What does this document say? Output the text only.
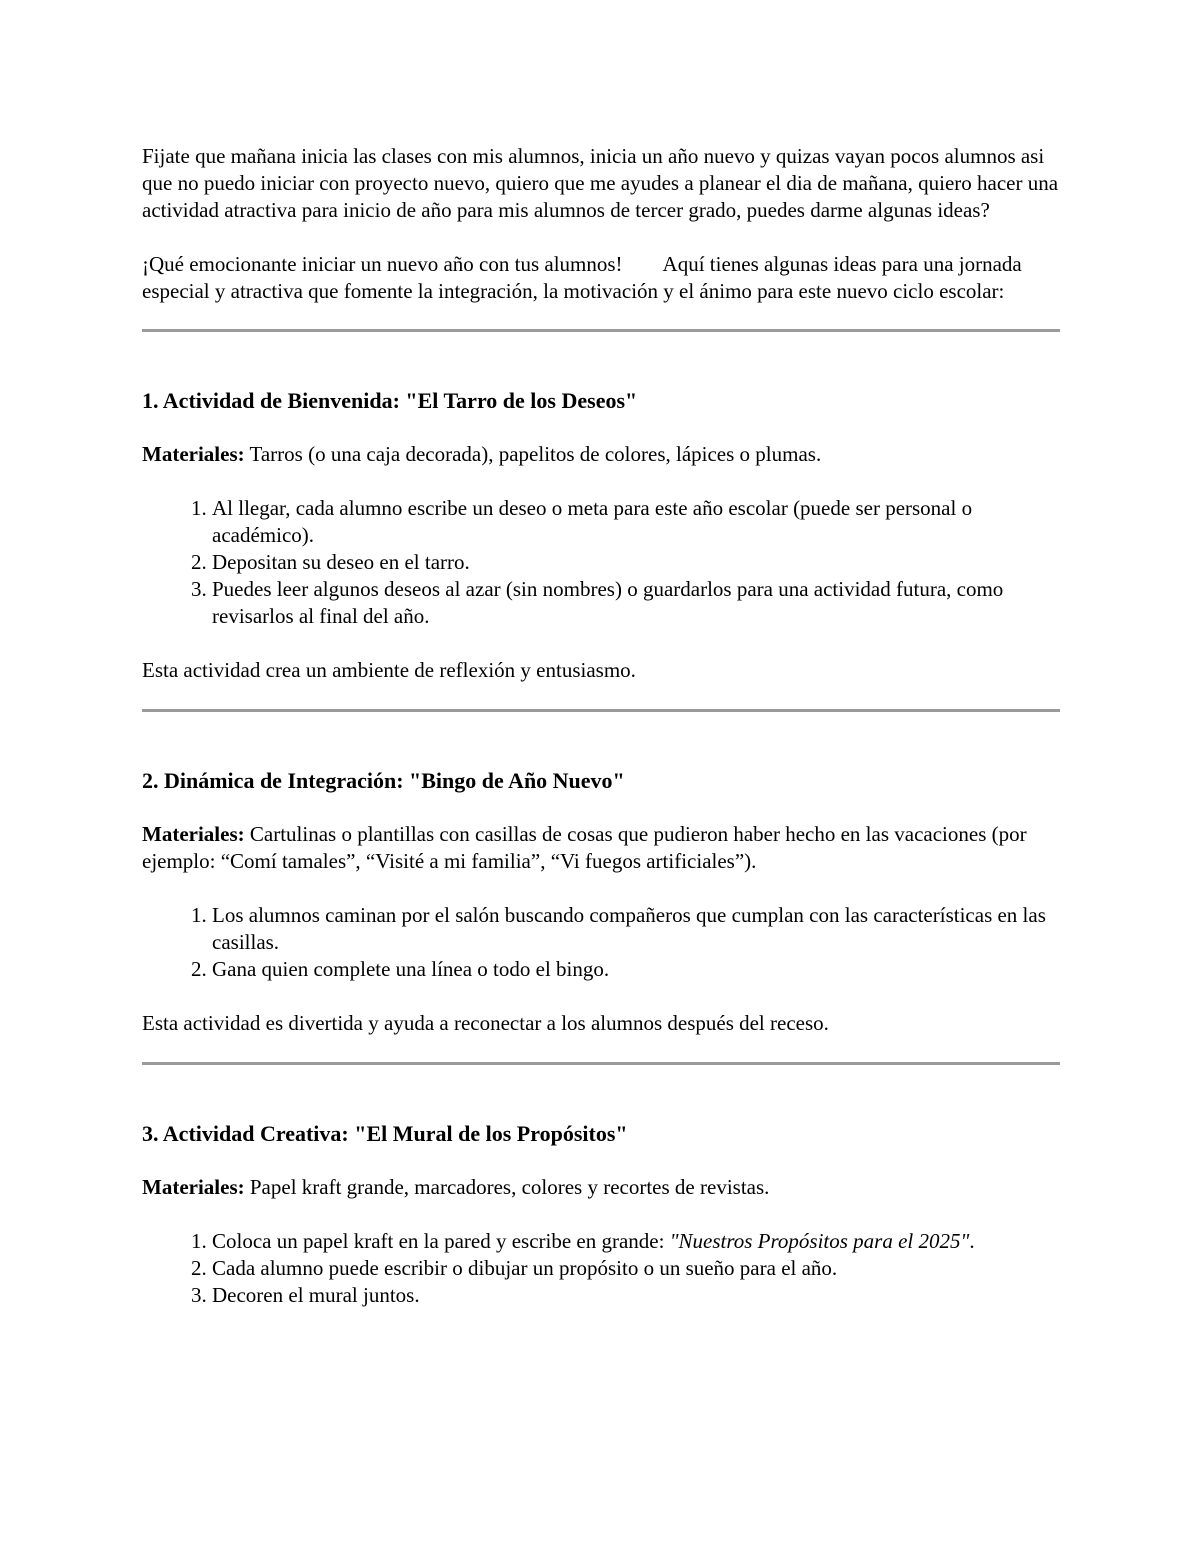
Fijate que mañana inicia las clases con mis alumnos, inicia un año nuevo y quizas vayan pocos alumnos asi que no puedo iniciar con proyecto nuevo, quiero que me ayudes a planear el dia de mañana, quiero hacer una actividad atractiva para inicio de año para mis alumnos de tercer grado, puedes darme algunas ideas?

¡Qué emocionante iniciar un nuevo año con tus alumnos! Aquí tienes algunas ideas para una jornada especial y atractiva que fomente la integración, la motivación y el ánimo para este nuevo ciclo escolar:

1. Actividad de Bienvenida: "El Tarro de los Deseos"

Materiales: Tarros (o una caja decorada), papelitos de colores, lápices o plumas.

1. Al llegar, cada alumno escribe un deseo o meta para este año escolar (puede ser personal o académico).
2. Depositan su deseo en el tarro.
3. Puedes leer algunos deseos al azar (sin nombres) o guardarlos para una actividad futura, como revisarlos al final del año.

Esta actividad crea un ambiente de reflexión y entusiasmo.

2. Dinámica de Integración: "Bingo de Año Nuevo"

Materiales: Cartulinas o plantillas con casillas de cosas que pudieron haber hecho en las vacaciones (por ejemplo: “Comí tamales”, “Visité a mi familia”, “Vi fuegos artificiales”).

1. Los alumnos caminan por el salón buscando compañeros que cumplan con las características en las casillas.
2. Gana quien complete una línea o todo el bingo.

Esta actividad es divertida y ayuda a reconectar a los alumnos después del receso.

3. Actividad Creativa: "El Mural de los Propósitos"

Materiales: Papel kraft grande, marcadores, colores y recortes de revistas.

1. Coloca un papel kraft en la pared y escribe en grande: "Nuestros Propósitos para el 2025".
2. Cada alumno puede escribir o dibujar un propósito o un sueño para el año.
3. Decoren el mural juntos.
